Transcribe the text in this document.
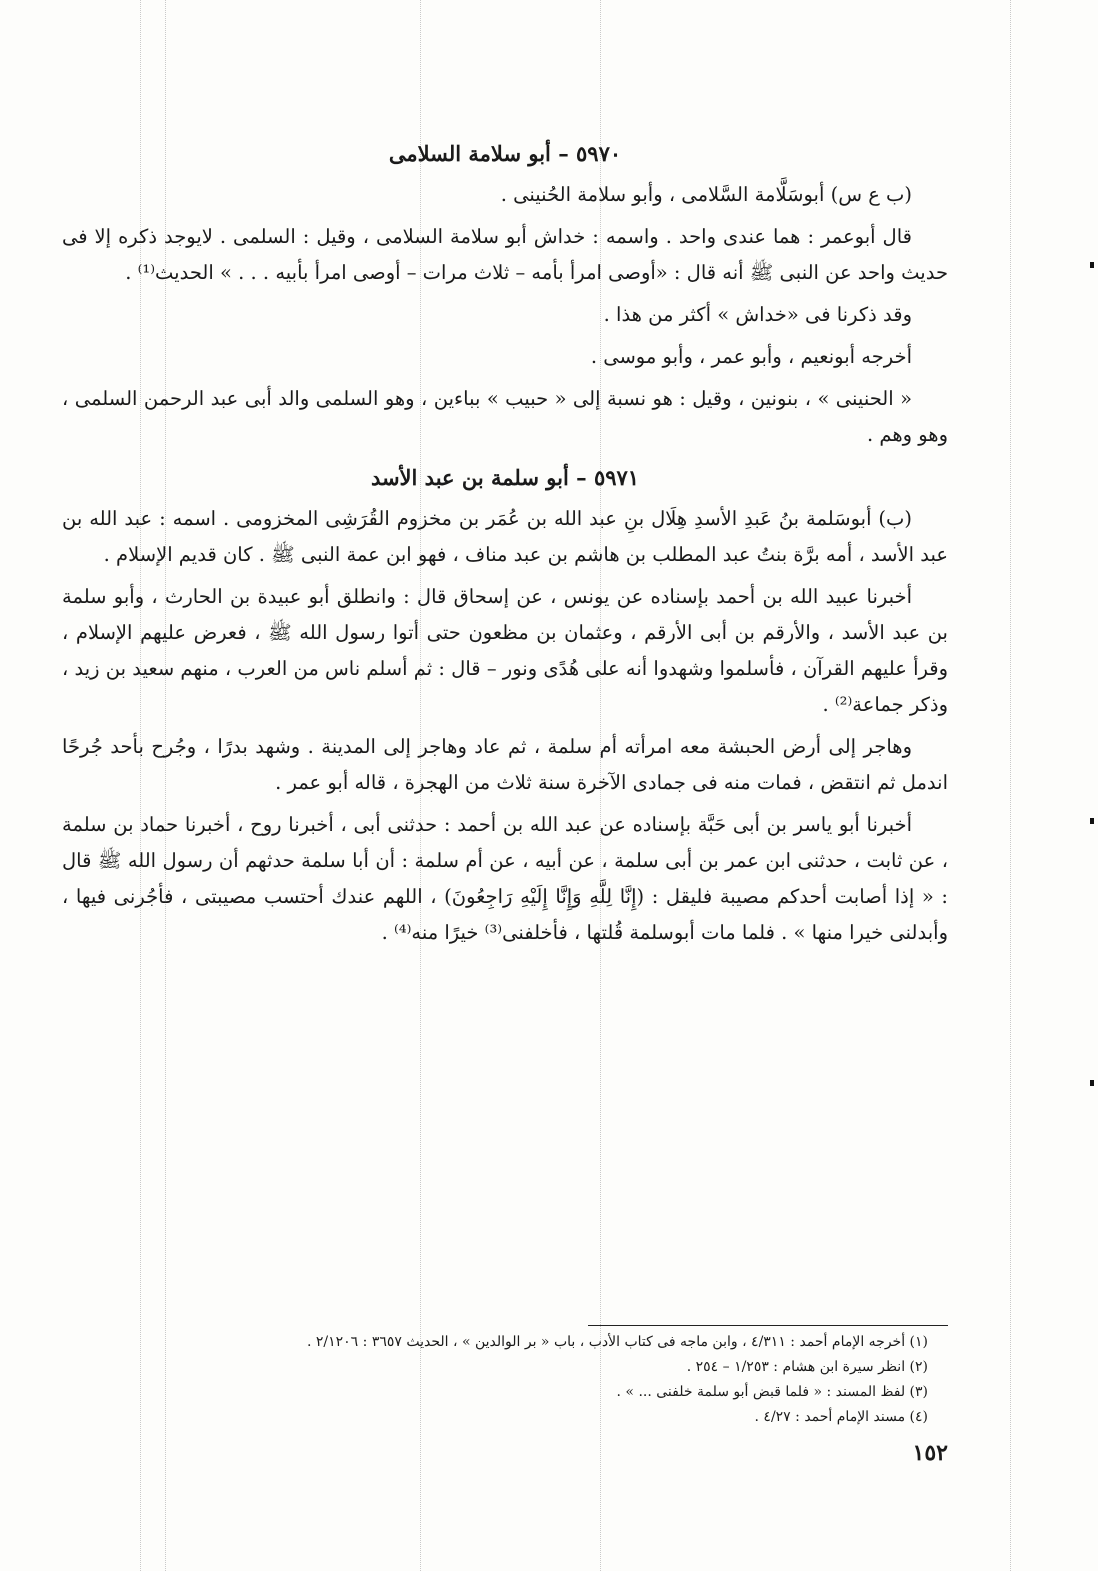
٥٩٧٠ – أبو سلامة السلامى

(ب ع س) أبوسَلَّامة السَّلامى ، وأبو سلامة الحُنينى .

قال أبوعمر : هما عندى واحد . واسمه : خداش أبو سلامة السلامى ، وقيل : السلمى . لايوجد ذكره إلا فى حديث واحد عن النبى ﷺ أنه قال : «أوصى امرأ بأمه – ثلاث مرات – أوصى امرأ بأبيه . . . » الحديث⁽¹⁾ .

وقد ذكرنا فى «خداش » أكثر من هذا .

أخرجه أبونعيم ، وأبو عمر ، وأبو موسى .

« الحنينى » ، بنونين ، وقيل : هو نسبة إلى « حبيب » بباءين ، وهو السلمى والد أبى عبد الرحمن السلمى ، وهو وهم .

٥٩٧١ – أبو سلمة بن عبد الأسد

(ب) أبوسَلمة بنُ عَبدِ الأسدِ هِلَال بنِ عبد الله بن عُمَر بن مخزوم القُرَشِى المخزومى . اسمه : عبد الله بن عبد الأسد ، أمه برَّة بنتُ عبد المطلب بن هاشم بن عبد مناف ، فهو ابن عمة النبى ﷺ . كان قديم الإسلام .

أخبرنا عبيد الله بن أحمد بإسناده عن يونس ، عن إسحاق قال : وانطلق أبو عبيدة بن الحارث ، وأبو سلمة بن عبد الأسد ، والأرقم بن أبى الأرقم ، وعثمان بن مظعون حتى أتوا رسول الله ﷺ ، فعرض عليهم الإسلام ، وقرأ عليهم القرآن ، فأسلموا وشهدوا أنه على هُدًى ونور – قال : ثم أسلم ناس من العرب ، منهم سعيد بن زيد ، وذكر جماعة⁽²⁾ .

وهاجر إلى أرض الحبشة معه امرأته أم سلمة ، ثم عاد وهاجر إلى المدينة . وشهد بدرًا ، وجُرح بأحد جُرحًا اندمل ثم انتقض ، فمات منه فى جمادى الآخرة سنة ثلاث من الهجرة ، قاله أبو عمر .

أخبرنا أبو ياسر بن أبى حَبَّة بإسناده عن عبد الله بن أحمد : حدثنى أبى ، أخبرنا روح ، أخبرنا حماد بن سلمة ، عن ثابت ، حدثنى ابن عمر بن أبى سلمة ، عن أبيه ، عن أم سلمة : أن أبا سلمة حدثهم أن رسول الله ﷺ قال : « إذا أصابت أحدكم مصيبة فليقل : (إِنَّا لِلَّهِ وَإِنَّا إِلَيْهِ رَاجِعُونَ) ، اللهم عندك أحتسب مصيبتى ، فأجُرنى فيها ، وأبدلنى خيرا منها » . فلما مات أبوسلمة قُلتها ، فأخلفنى⁽³⁾ خيرًا منه⁽⁴⁾ .

(١) أخرجه الإمام أحمد : ٤/٣١١ ، وابن ماجه فى كتاب الأدب ، باب « بر الوالدين » ، الحديث ٣٦٥٧ : ٢/١٢٠٦ .

(٢) انظر سيرة ابن هشام : ١/٢٥٣ – ٢٥٤ .

(٣) لفظ المسند : « فلما قبض أبو سلمة خلفنى ... » .

(٤) مسند الإمام أحمد : ٤/٢٧ .

١٥٢
